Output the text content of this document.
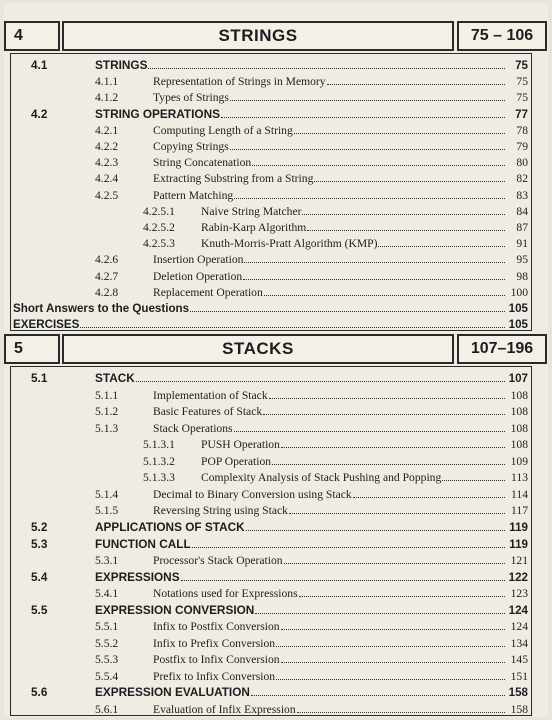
4	STRINGS	75 – 106
4.1	STRINGS	75
4.1.1	Representation of Strings in Memory	75
4.1.2	Types of Strings	75
4.2	STRING OPERATIONS	77
4.2.1	Computing Length of a String	78
4.2.2	Copying Strings	79
4.2.3	String Concatenation	80
4.2.4	Extracting Substring from a String	82
4.2.5	Pattern Matching	83
4.2.5.1 Naive String Matcher	84
4.2.5.2 Rabin-Karp Algorithm	87
4.2.5.3 Knuth-Morris-Pratt Algorithm (KMP)	91
4.2.6	Insertion Operation	95
4.2.7	Deletion Operation	98
4.2.8	Replacement Operation	100
Short Answers to the Questions	105
EXERCISES	105
5	STACKS	107–196
5.1	STACK	107
5.1.1	Implementation of Stack	108
5.1.2	Basic Features of Stack	108
5.1.3	Stack Operations	108
5.1.3.1 PUSH Operation	108
5.1.3.2 POP Operation	109
5.1.3.3 Complexity Analysis of Stack Pushing and Popping	113
5.1.4	Decimal to Binary Conversion using Stack	114
5.1.5	Reversing String using Stack	117
5.2	APPLICATIONS OF STACK	119
5.3	FUNCTION CALL	119
5.3.1	Processor's Stack Operation	121
5.4	EXPRESSIONS	122
5.4.1	Notations used for Expressions	123
5.5	EXPRESSION CONVERSION	124
5.5.1	Infix to Postfix Conversion	124
5.5.2	Infix to Prefix Conversion	134
5.5.3	Postfix to Infix Conversion	145
5.5.4	Prefix to Infix Conversion	151
5.6	EXPRESSION EVALUATION	158
5.6.1	Evaluation of Infix Expression	158
